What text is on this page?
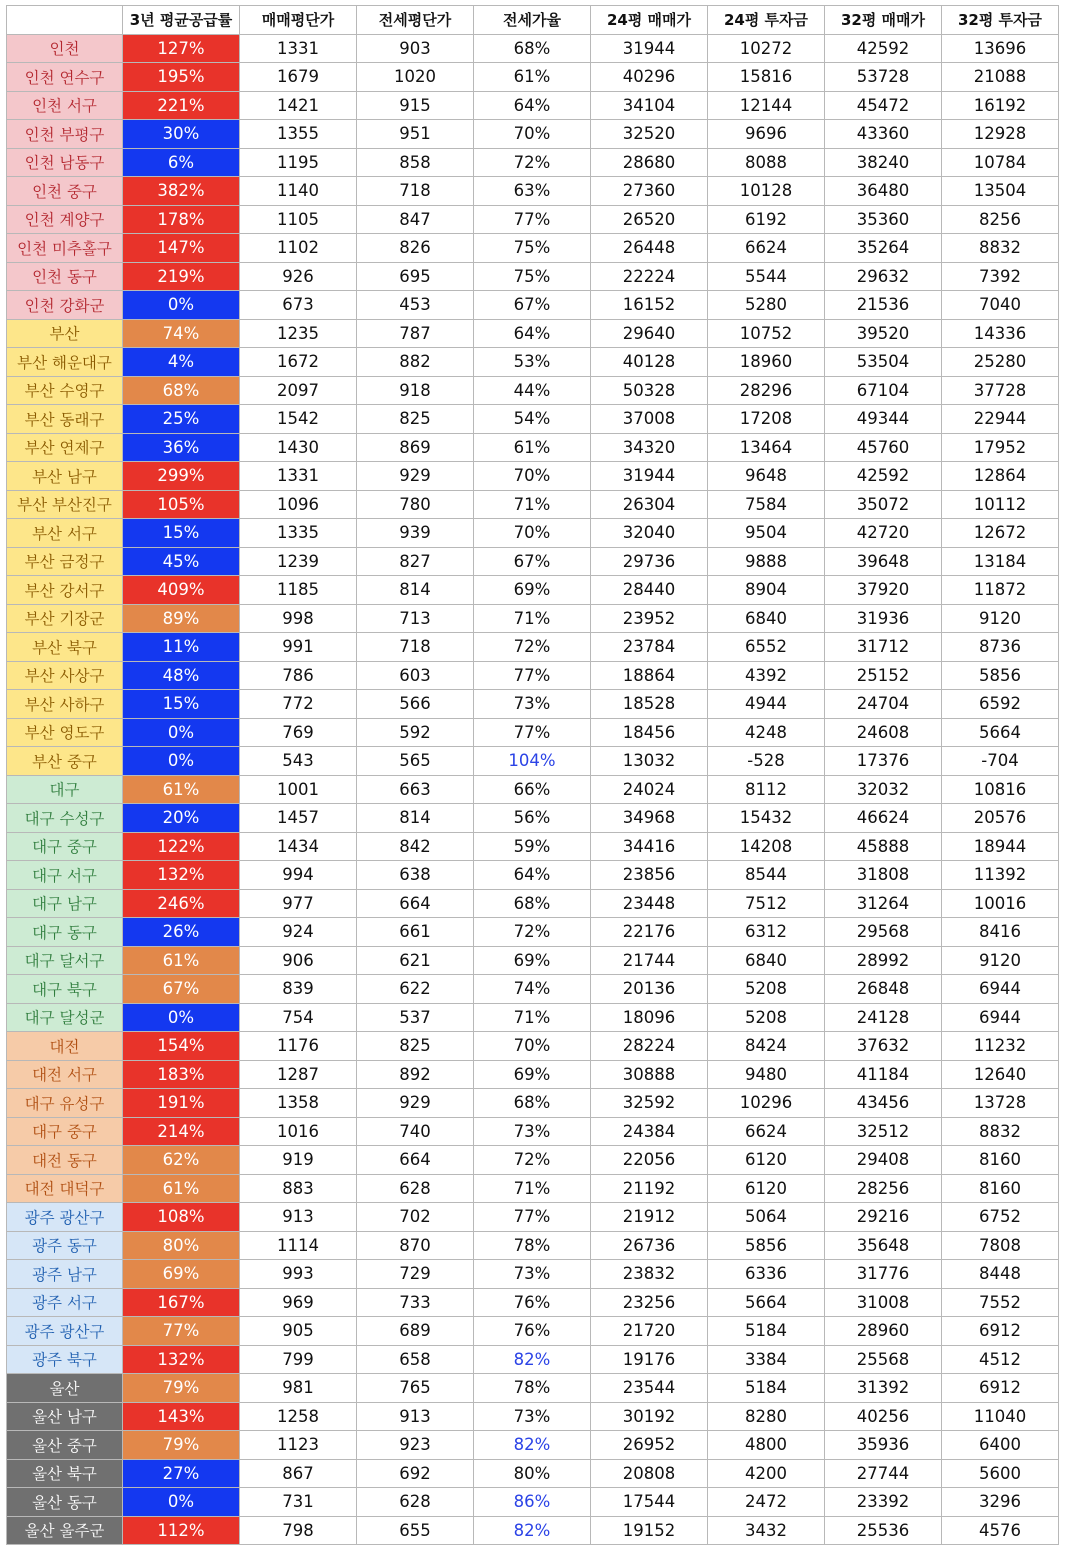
	3년 평균공급률	매매평단가	전세평단가	전세가율	24평 매매가	24평 투자금	32평 매매가	32평 투자금
인천	127%	1331	903	68%	31944	10272	42592	13696
인천 연수구	195%	1679	1020	61%	40296	15816	53728	21088
인천 서구	221%	1421	915	64%	34104	12144	45472	16192
인천 부평구	30%	1355	951	70%	32520	9696	43360	12928
인천 남동구	6%	1195	858	72%	28680	8088	38240	10784
인천 중구	382%	1140	718	63%	27360	10128	36480	13504
인천 계양구	178%	1105	847	77%	26520	6192	35360	8256
인천 미추홀구	147%	1102	826	75%	26448	6624	35264	8832
인천 동구	219%	926	695	75%	22224	5544	29632	7392
인천 강화군	0%	673	453	67%	16152	5280	21536	7040
부산	74%	1235	787	64%	29640	10752	39520	14336
부산 해운대구	4%	1672	882	53%	40128	18960	53504	25280
부산 수영구	68%	2097	918	44%	50328	28296	67104	37728
부산 동래구	25%	1542	825	54%	37008	17208	49344	22944
부산 연제구	36%	1430	869	61%	34320	13464	45760	17952
부산 남구	299%	1331	929	70%	31944	9648	42592	12864
부산 부산진구	105%	1096	780	71%	26304	7584	35072	10112
부산 서구	15%	1335	939	70%	32040	9504	42720	12672
부산 금정구	45%	1239	827	67%	29736	9888	39648	13184
부산 강서구	409%	1185	814	69%	28440	8904	37920	11872
부산 기장군	89%	998	713	71%	23952	6840	31936	9120
부산 북구	11%	991	718	72%	23784	6552	31712	8736
부산 사상구	48%	786	603	77%	18864	4392	25152	5856
부산 사하구	15%	772	566	73%	18528	4944	24704	6592
부산 영도구	0%	769	592	77%	18456	4248	24608	5664
부산 중구	0%	543	565	104%	13032	-528	17376	-704
대구	61%	1001	663	66%	24024	8112	32032	10816
대구 수성구	20%	1457	814	56%	34968	15432	46624	20576
대구 중구	122%	1434	842	59%	34416	14208	45888	18944
대구 서구	132%	994	638	64%	23856	8544	31808	11392
대구 남구	246%	977	664	68%	23448	7512	31264	10016
대구 동구	26%	924	661	72%	22176	6312	29568	8416
대구 달서구	61%	906	621	69%	21744	6840	28992	9120
대구 북구	67%	839	622	74%	20136	5208	26848	6944
대구 달성군	0%	754	537	71%	18096	5208	24128	6944
대전	154%	1176	825	70%	28224	8424	37632	11232
대전 서구	183%	1287	892	69%	30888	9480	41184	12640
대구 유성구	191%	1358	929	68%	32592	10296	43456	13728
대구 중구	214%	1016	740	73%	24384	6624	32512	8832
대전 동구	62%	919	664	72%	22056	6120	29408	8160
대전 대덕구	61%	883	628	71%	21192	6120	28256	8160
광주 광산구	108%	913	702	77%	21912	5064	29216	6752
광주 동구	80%	1114	870	78%	26736	5856	35648	7808
광주 남구	69%	993	729	73%	23832	6336	31776	8448
광주 서구	167%	969	733	76%	23256	5664	31008	7552
광주 광산구	77%	905	689	76%	21720	5184	28960	6912
광주 북구	132%	799	658	82%	19176	3384	25568	4512
울산	79%	981	765	78%	23544	5184	31392	6912
울산 남구	143%	1258	913	73%	30192	8280	40256	11040
울산 중구	79%	1123	923	82%	26952	4800	35936	6400
울산 북구	27%	867	692	80%	20808	4200	27744	5600
울산 동구	0%	731	628	86%	17544	2472	23392	3296
울산 울주군	112%	798	655	82%	19152	3432	25536	4576
